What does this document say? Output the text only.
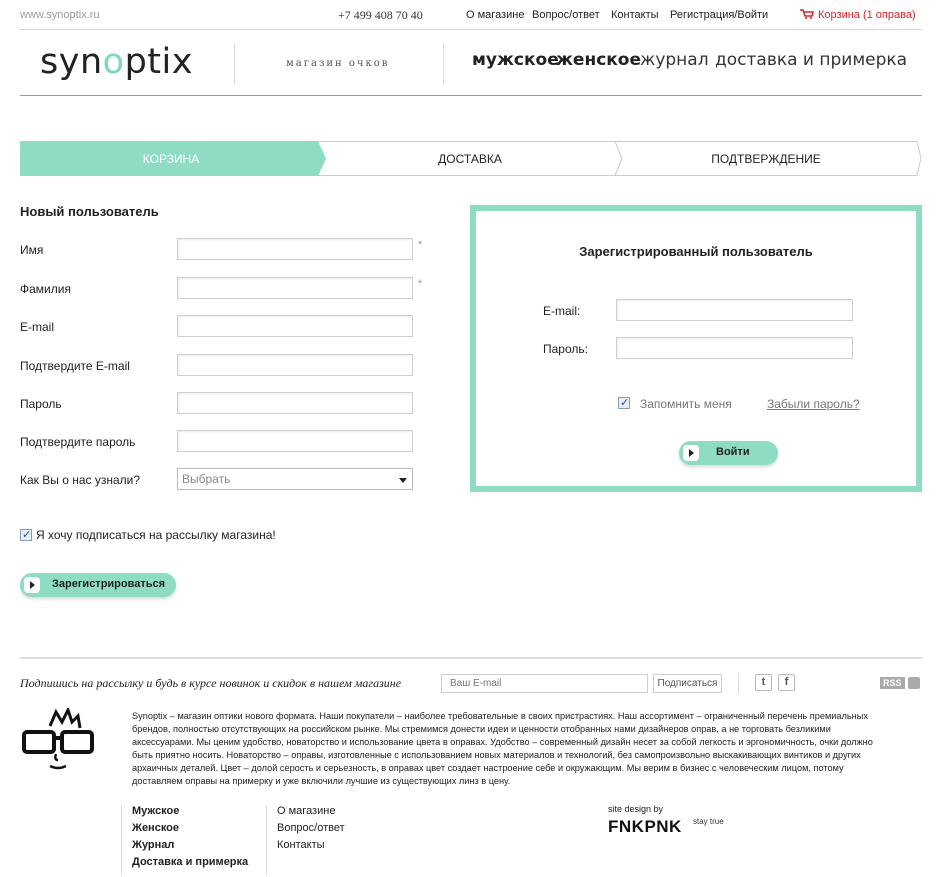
www.synoptix.ru	+7 499 408 70 40	О магазине Вопрос/ответ Контакты Регистрация/Войти	Корзина (1 оправа)
synoptix	магазин очков	мужское
женское
журнал доставка и примерка
КОРЗИНА	ДОСТАВКА	ПОДТВЕРЖДЕНИЕ
Новый пользователь
Имя	*
Фамилия	*
E-mail
Подтвердите E-mail
Пароль
Подтвердите пароль
Как Вы о нас узнали?	Выбрать
✓ Я хочу подписаться на рассылку магазина!
Зарегистрироваться
Зарегистрированный пользователь
E-mail:
Пароль:
✓ Запомнить меня	Забыли пароль?
Войти
Подпишись на рассылку и будь в курсе новинок и скидок в нашем магазине
Ваш E-mail	Подписаться	t	f	RSS
Synoptix – магазин оптики нового формата. Наши покупатели – наиболее требовательные в своих пристрастиях. Наш ассортимент – ограниченный перечень премиальных брендов, полностью отсутствующих на российском рынке. Мы стремимся донести идеи и ценности отобранных нами дизайнеров оправ, а не торговать безликими аксессуарами. Мы ценим удобство, новаторство и использование цвета в оправах. Удобство – современный дизайн несет за собой легкость и эргономичность, очки должно быть приятно носить. Новаторство – оправы, изготовленные с использованием новых материалов и технологий, без самопроизвольно выскакивающих винтиков и других архаичных деталей. Цвет – долой серость и серьезность, в оправах цвет создает настроение себе и окружающим. Мы верим в бизнес с человеческим лицом, потому доставляем оправы на примерку и уже включили лучшие из существующих линз в цену.
Мужское
Женское
Журнал
Доставка и примерка
О магазине
Вопрос/ответ
Контакты
site design by
FNKPNK stay true
